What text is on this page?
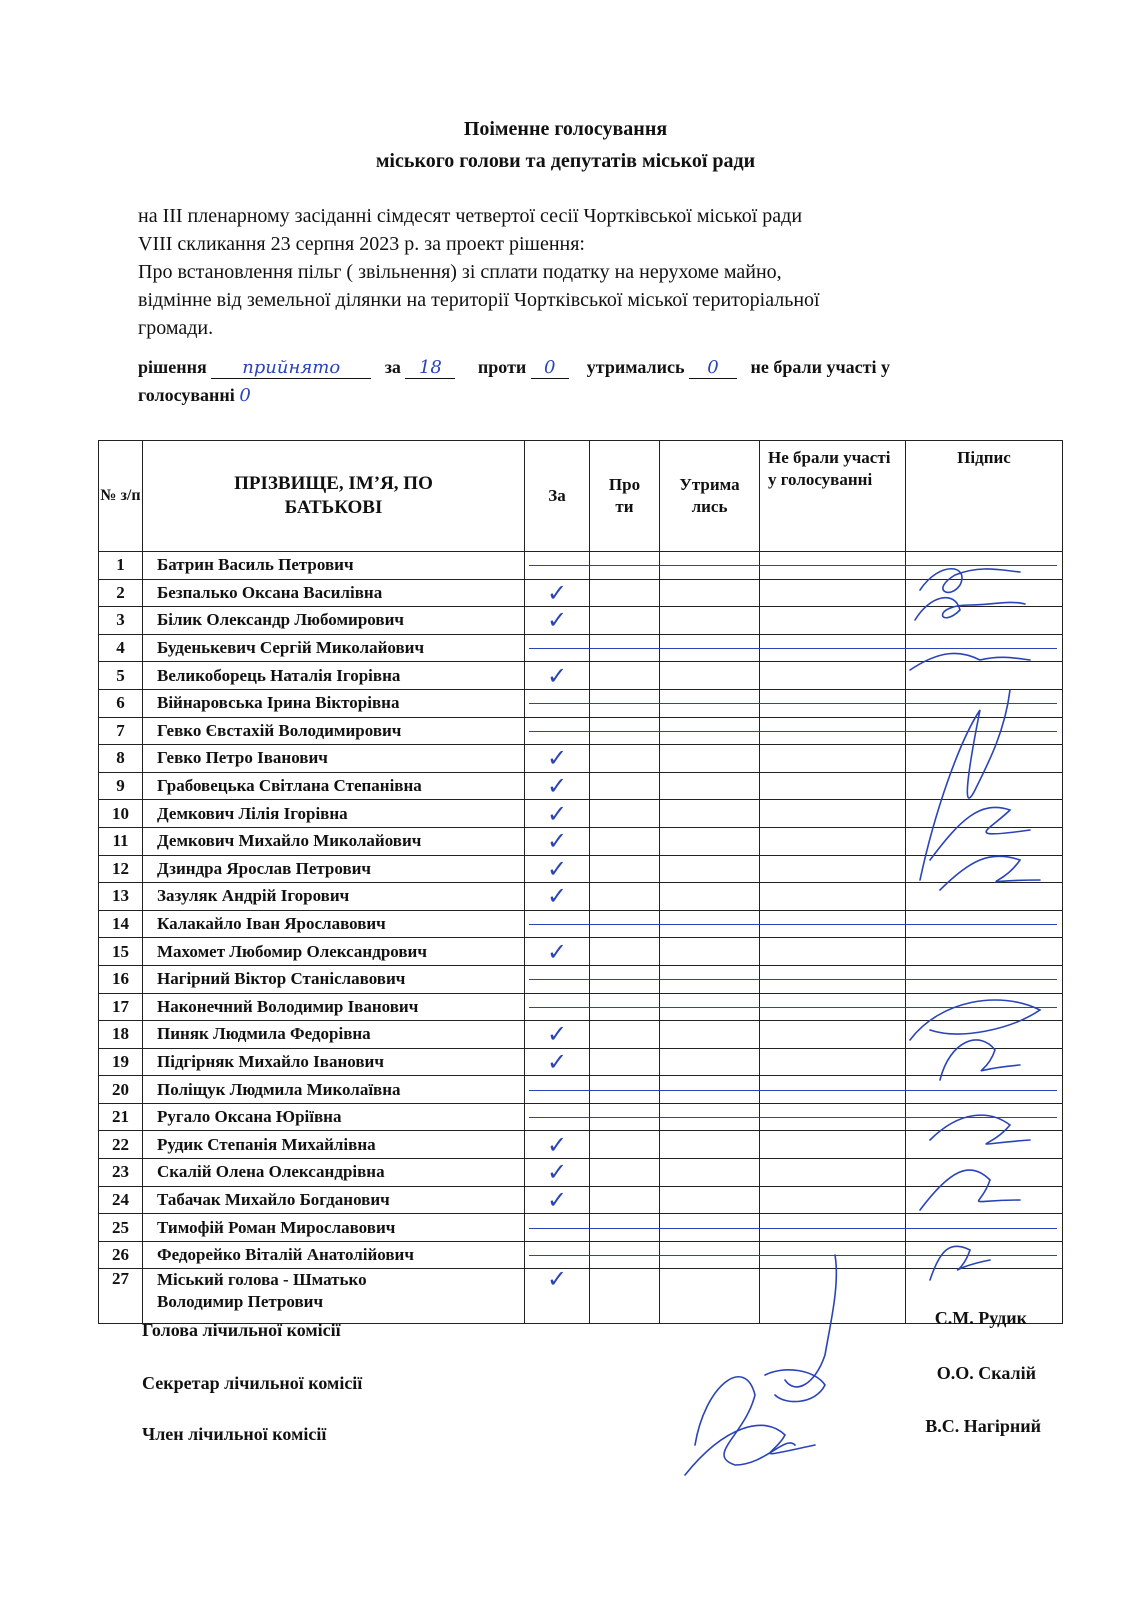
Поіменне голосування
міського голови та депутатів міської ради
на ІІІ пленарному засіданні сімдесят четвертої сесії Чортківської міської ради
VIII скликання 23 серпня 2023 р. за проект рішення:
Про встановлення пільг ( звільнення) зі сплати податку на нерухоме майно,
відмінне від земельної ділянки на території Чортківської міської територіальної
громади.
рішення прийнято за 18 проти 0 утримались 0 не брали участі у
голосуванні 0
№ з/п	ПРІЗВИЩЕ, ІМ’Я, ПО БАТЬКОВІ	За	Про ти	Утрима лись	Не брали участі у голосуванні	Підпис
1	Батрин Василь Петрович					

2	Безпалько Оксана Василівна	✓				
3	Білик Олександр Любомирович	✓				
4	Буденькевич Сергій Миколайович					

5	Великоборець Наталія Ігорівна	✓				
6	Війнаровська Ірина Вікторівна					

7	Гевко Євстахій Володимирович					

8	Гевко Петро Іванович	✓				
9	Грабовецька Світлана Степанівна	✓				
10	Демкович Лілія Ігорівна	✓				
11	Демкович Михайло Миколайович	✓				
12	Дзиндра Ярослав Петрович	✓				
13	Зазуляк Андрій Ігорович	✓				
14	Калакайло Іван Ярославович					

15	Махомет Любомир Олександрович	✓				
16	Нагірний Віктор Станіславович					

17	Наконечний Володимир Іванович					

18	Пиняк Людмила Федорівна	✓				
19	Підгірняк Михайло Іванович	✓				
20	Поліщук Людмила Миколаївна					

21	Ругало Оксана Юріївна					

22	Рудик Степанія Михайлівна	✓				
23	Скалій Олена Олександрівна	✓				
24	Табачак Михайло Богданович	✓				
25	Тимофій Роман Мирославович					

26	Федорейко Віталій Анатолійович					

27	Міський голова - Шматько
Володимир Петрович	✓				
Голова лічильної комісії
С.М. Рудик
Секретар лічильної комісії	О.О. Скалій
Член лічильної комісії	В.С. Нагірний
